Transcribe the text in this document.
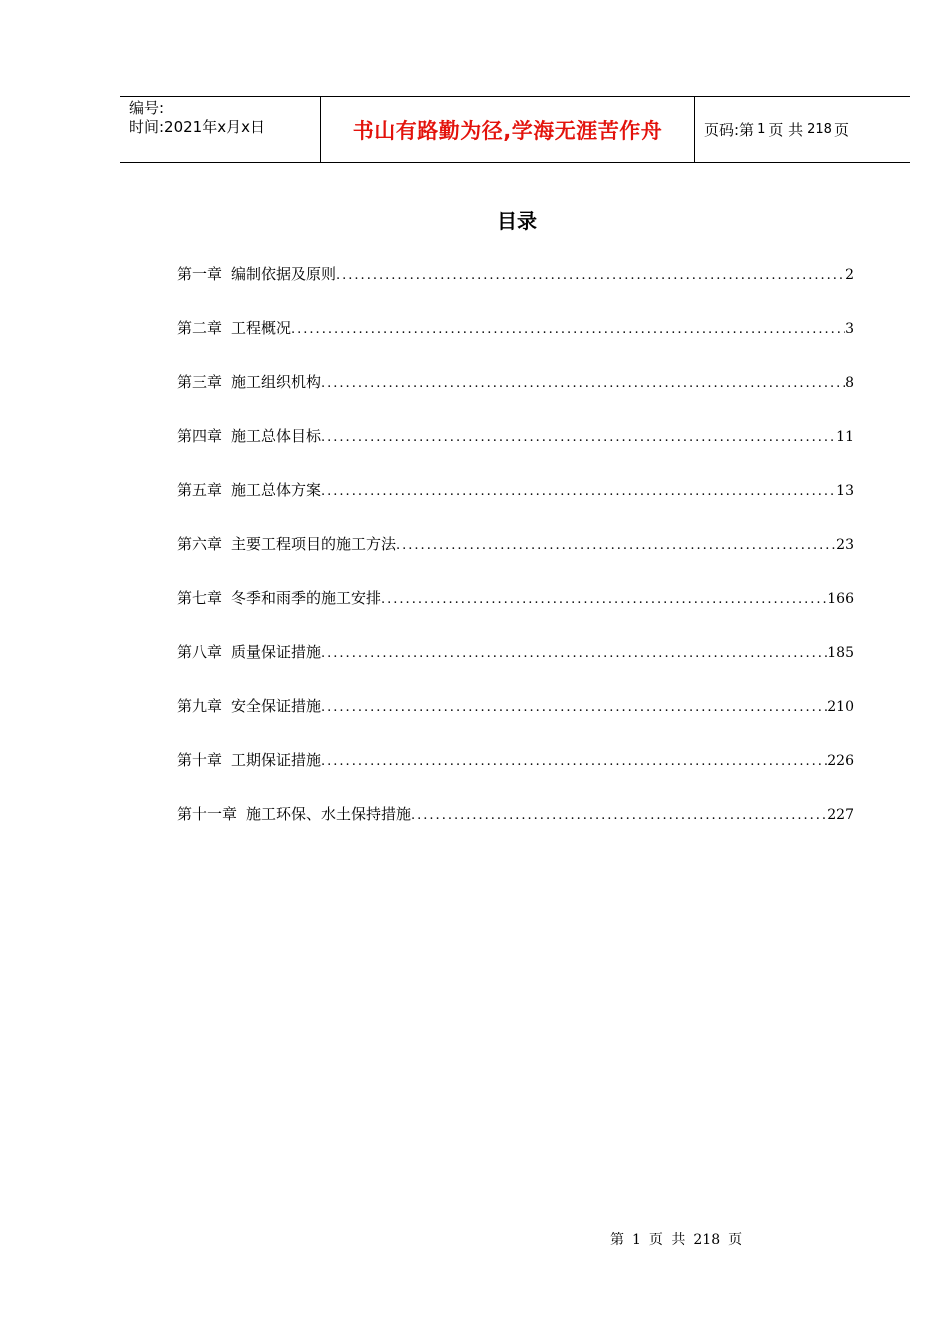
编号:
时间:2021年x月x日	书山有路勤为径,学海无涯苦作舟	页码:第 1 页 共 218 页
目录
第一章 编制依据及原则 .....	2
第二章 工程概况 .....	3
第三章 施工组织机构 .....	8
第四章 施工总体目标 .....	11
第五章 施工总体方案 .....	13
第六章 主要工程项目的施工方法 .....	23
第七章 冬季和雨季的施工安排 .....	166
第八章 质量保证措施 .....	185
第九章 安全保证措施 .....	210
第十章 工期保证措施 .....	226
第十一章 施工环保、水土保持措施 .....	227
第 1 页 共 218 页
